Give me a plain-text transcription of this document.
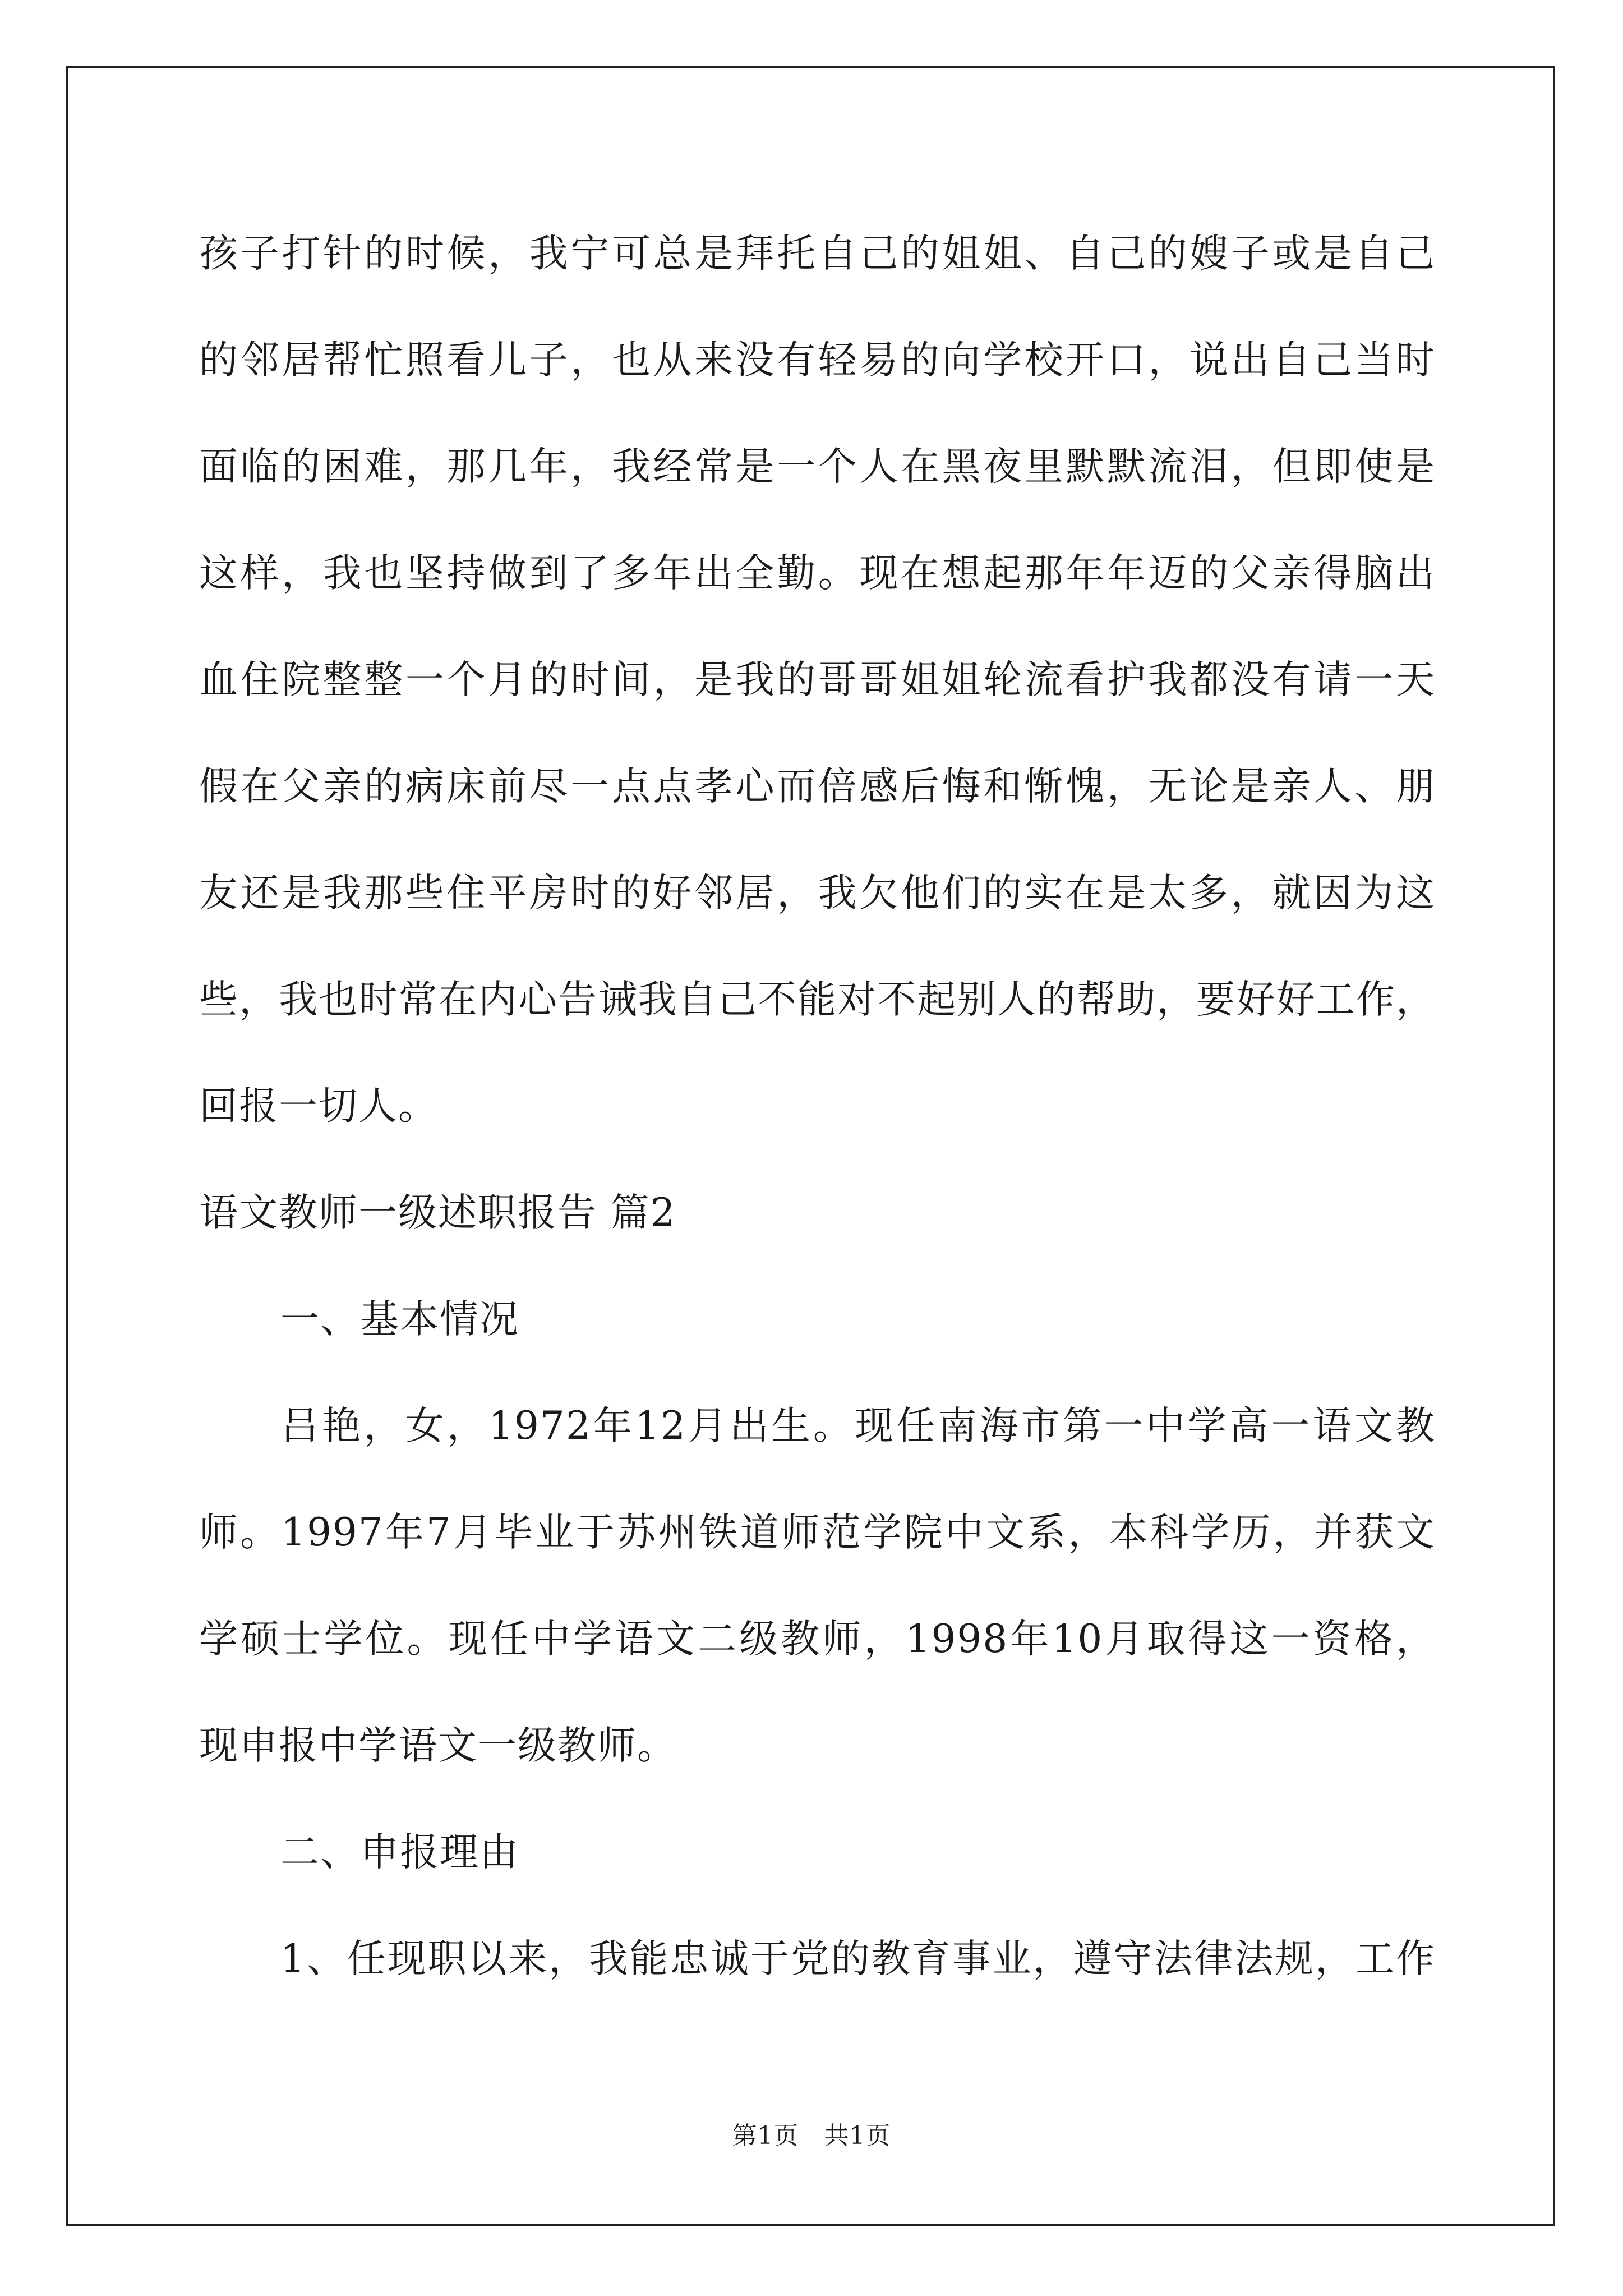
孩子打针的时候，我宁可总是拜托自己的姐姐、自己的嫂子或是自己
的邻居帮忙照看儿子，也从来没有轻易的向学校开口，说出自己当时
面临的困难，那几年，我经常是一个人在黑夜里默默流泪，但即使是
这样，我也坚持做到了多年出全勤。现在想起那年年迈的父亲得脑出
血住院整整一个月的时间，是我的哥哥姐姐轮流看护我都没有请一天
假在父亲的病床前尽一点点孝心而倍感后悔和惭愧，无论是亲人、朋
友还是我那些住平房时的好邻居，我欠他们的实在是太多，就因为这
些，我也时常在内心告诫我自己不能对不起别人的帮助，要好好工作，
回报一切人。
语文教师一级述职报告 篇2
一、基本情况
吕艳，女，1972年12月出生。现任南海市第一中学高一语文教
师。1997年7月毕业于苏州铁道师范学院中文系，本科学历，并获文
学硕士学位。现任中学语文二级教师，1998年10月取得这一资格，
现申报中学语文一级教师。
二、申报理由
1、任现职以来，我能忠诚于党的教育事业，遵守法律法规，工作
第1页　共1页
